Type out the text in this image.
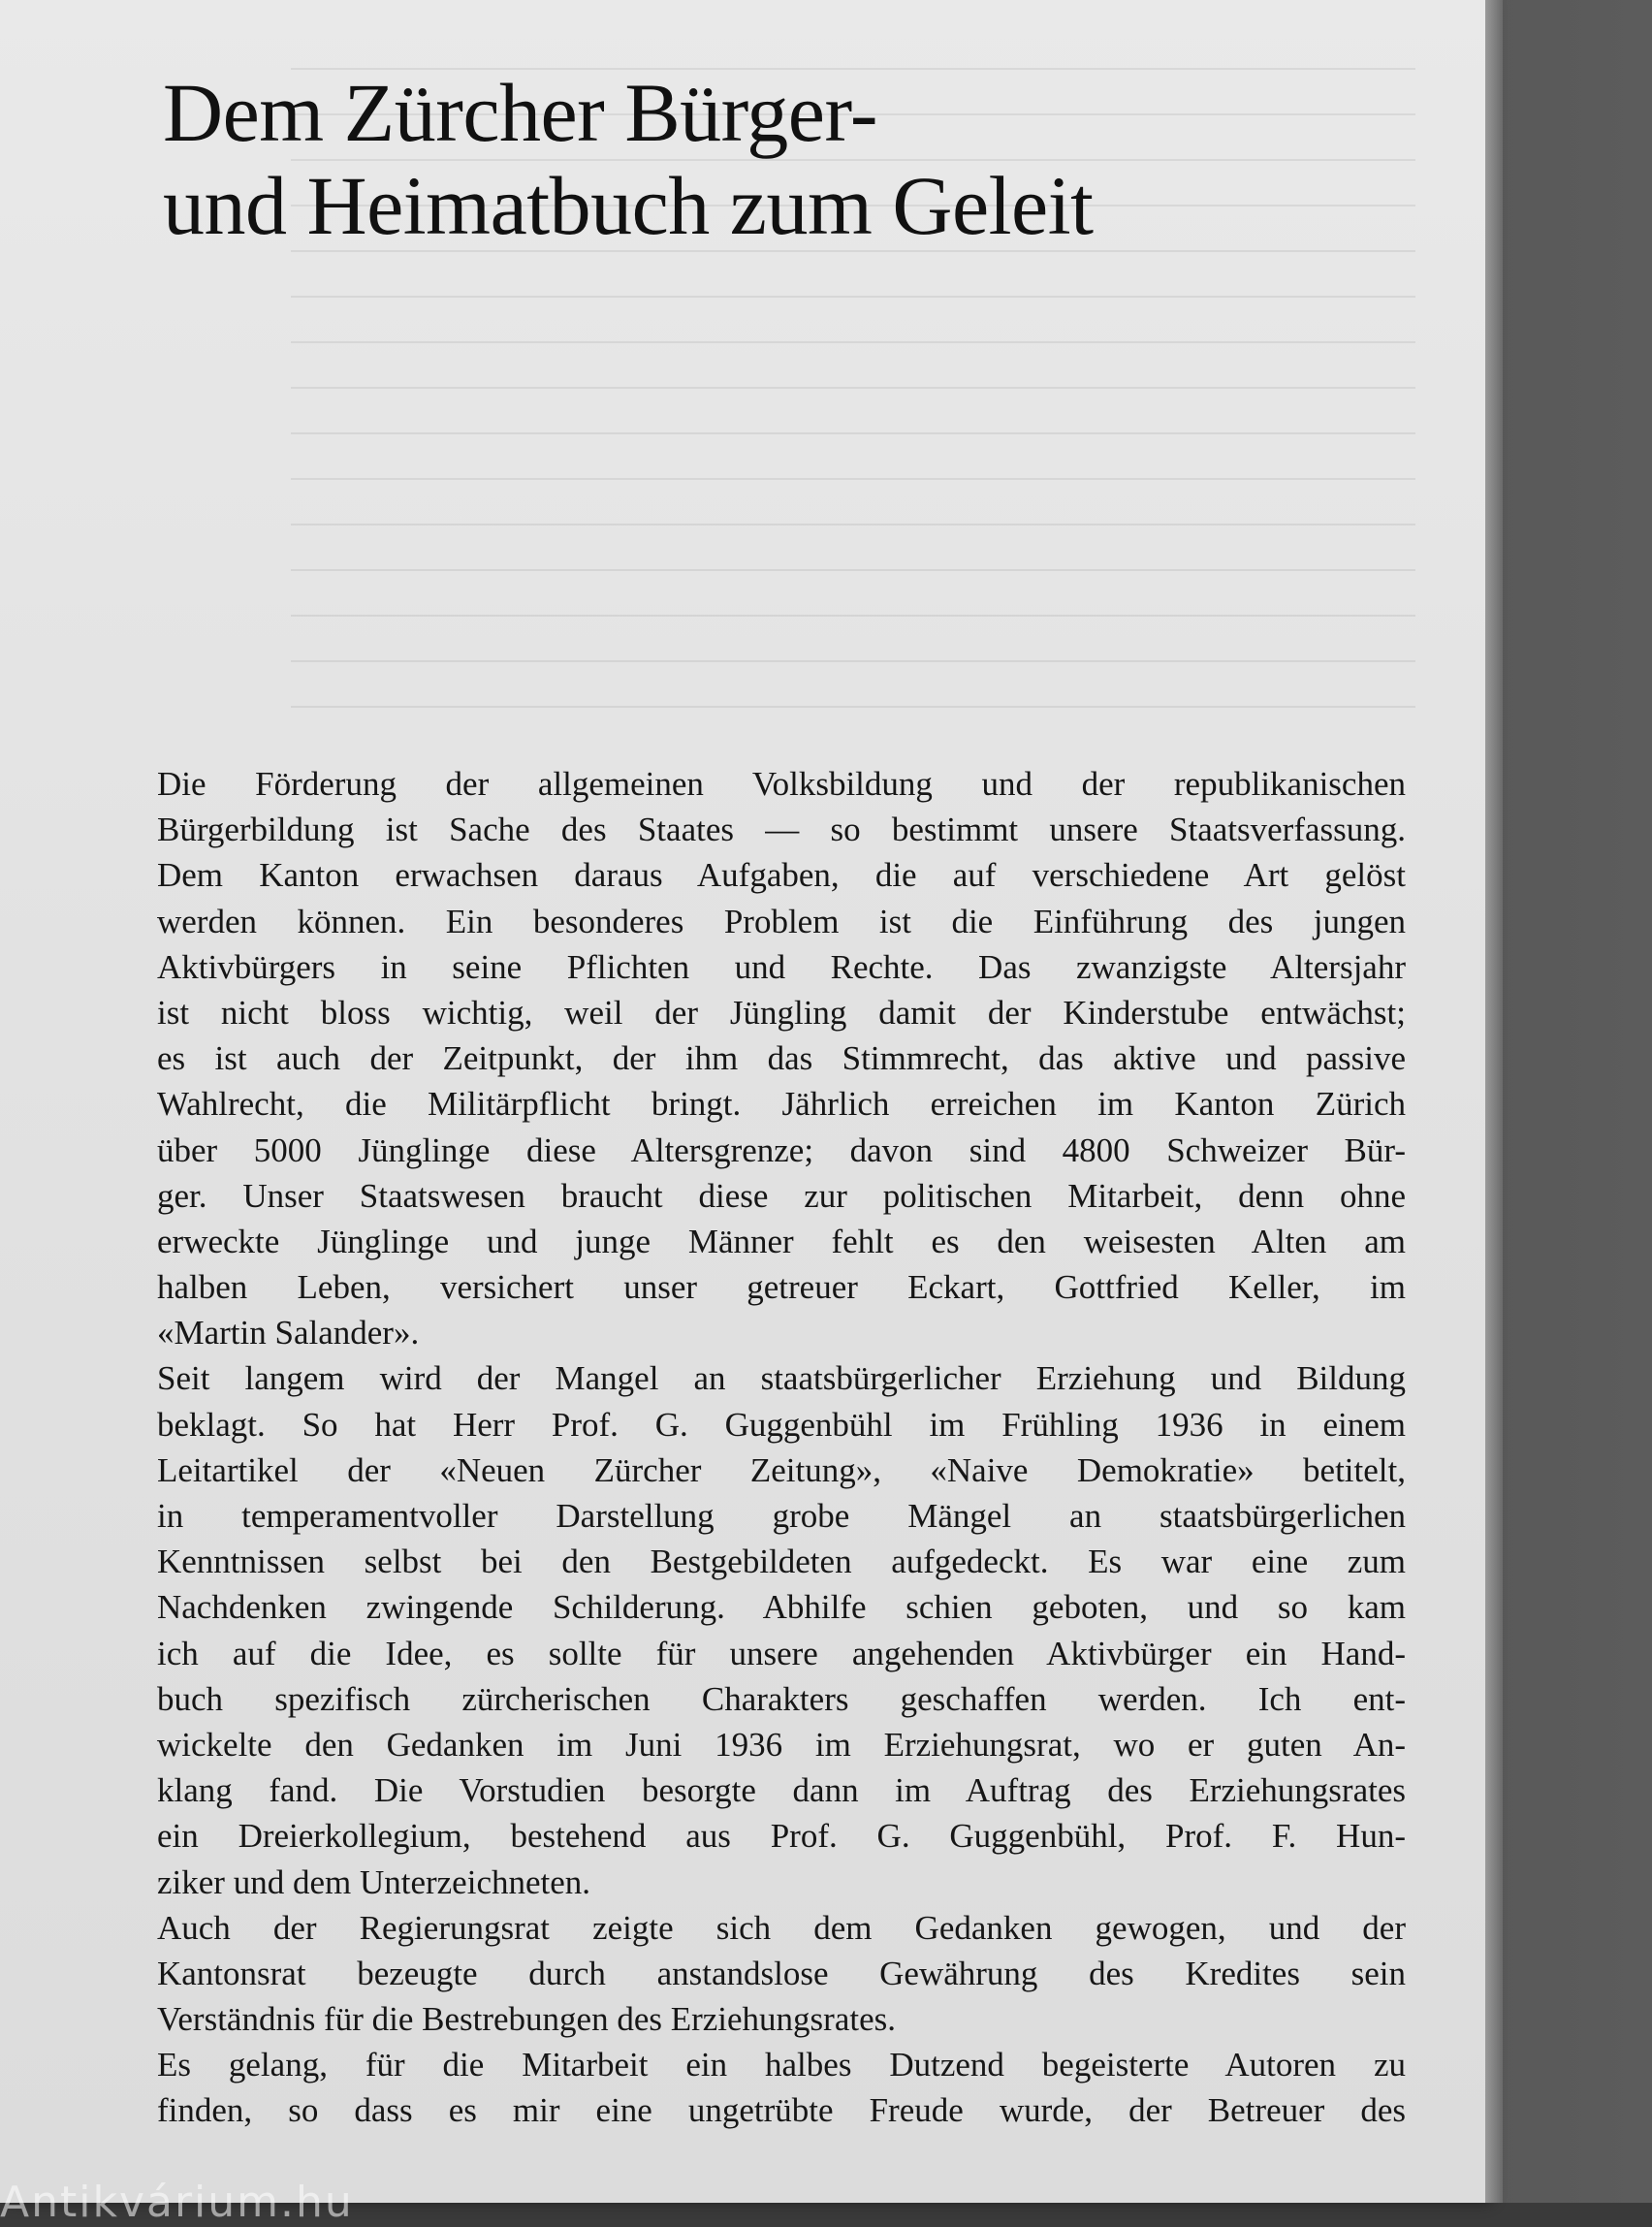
Dem Zürcher Bürger-
und Heimatbuch zum Geleit
Die Förderung der allgemeinen Volksbildung und der republikanischen
Bürgerbildung ist Sache des Staates — so bestimmt unsere Staatsverfassung.
Dem Kanton erwachsen daraus Aufgaben, die auf verschiedene Art gelöst
werden können. Ein besonderes Problem ist die Einführung des jungen
Aktivbürgers in seine Pflichten und Rechte. Das zwanzigste Altersjahr
ist nicht bloss wichtig, weil der Jüngling damit der Kinderstube entwächst;
es ist auch der Zeitpunkt, der ihm das Stimmrecht, das aktive und passive
Wahlrecht, die Militärpflicht bringt. Jährlich erreichen im Kanton Zürich
über 5000 Jünglinge diese Altersgrenze; davon sind 4800 Schweizer Bür-
ger. Unser Staatswesen braucht diese zur politischen Mitarbeit, denn ohne
erweckte Jünglinge und junge Männer fehlt es den weisesten Alten am
halben Leben, versichert unser getreuer Eckart, Gottfried Keller, im
«Martin Salander».
Seit langem wird der Mangel an staatsbürgerlicher Erziehung und Bildung
beklagt. So hat Herr Prof. G. Guggenbühl im Frühling 1936 in einem
Leitartikel der «Neuen Zürcher Zeitung», «Naive Demokratie» betitelt,
in temperamentvoller Darstellung grobe Mängel an staatsbürgerlichen
Kenntnissen selbst bei den Bestgebildeten aufgedeckt. Es war eine zum
Nachdenken zwingende Schilderung. Abhilfe schien geboten, und so kam
ich auf die Idee, es sollte für unsere angehenden Aktivbürger ein Hand-
buch spezifisch zürcherischen Charakters geschaffen werden. Ich ent-
wickelte den Gedanken im Juni 1936 im Erziehungsrat, wo er guten An-
klang fand. Die Vorstudien besorgte dann im Auftrag des Erziehungsrates
ein Dreierkollegium, bestehend aus Prof. G. Guggenbühl, Prof. F. Hun-
ziker und dem Unterzeichneten.
Auch der Regierungsrat zeigte sich dem Gedanken gewogen, und der
Kantonsrat bezeugte durch anstandslose Gewährung des Kredites sein
Verständnis für die Bestrebungen des Erziehungsrates.
Es gelang, für die Mitarbeit ein halbes Dutzend begeisterte Autoren zu
finden, so dass es mir eine ungetrübte Freude wurde, der Betreuer des
Antikvárium.hu
